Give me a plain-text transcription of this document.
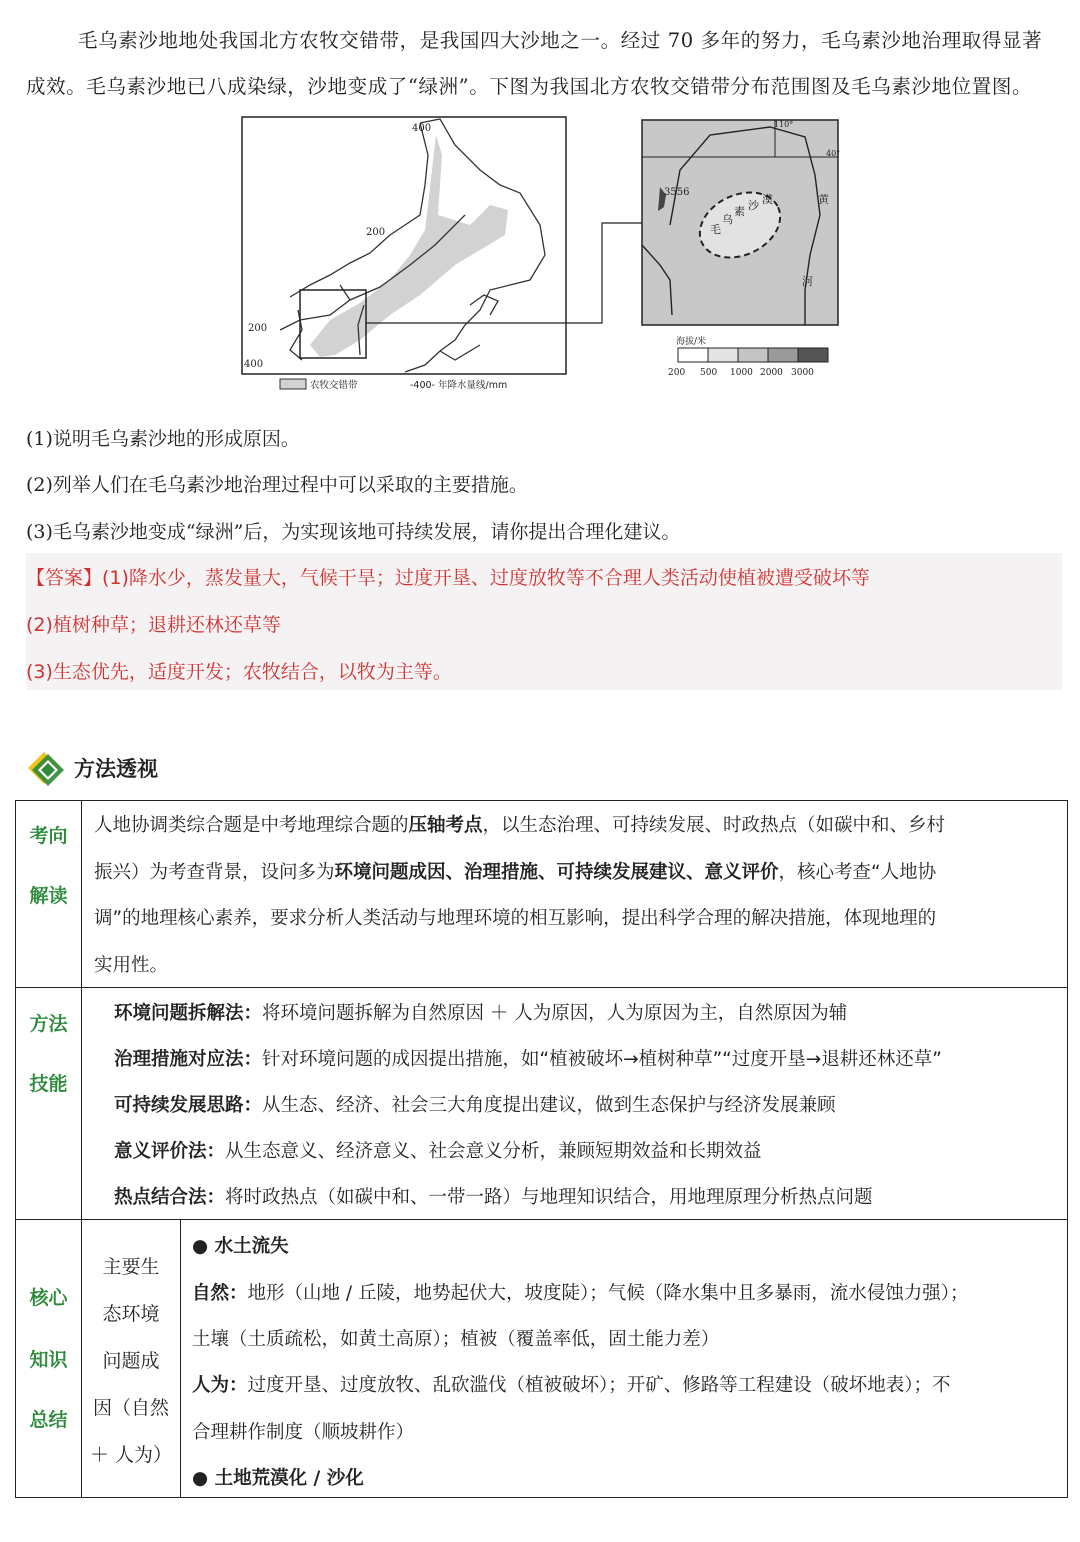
毛乌素沙地地处我国北方农牧交错带，是我国四大沙地之一。经过 70 多年的努力，毛乌素沙地治理取得显著

成效。毛乌素沙地已八成染绿，沙地变成了“绿洲”。下图为我国北方农牧交错带分布范围图及毛乌素沙地位置图。
400
200
200
400
农牧交错带	-400- 年降水量线/mm
110°
40°
3556
毛
乌
素 沙 漠	黄
河
海拔/米
200 500 1000 2000 3000
(1)说明毛乌素沙地的形成原因。
(2)列举人们在毛乌素沙地治理过程中可以采取的主要措施。
(3)毛乌素沙地变成“绿洲”后，为实现该地可持续发展，请你提出合理化建议。
【答案】(1)降水少，蒸发量大，气候干旱；过度开垦、过度放牧等不合理人类活动使植被遭受破坏等
(2)植树种草；退耕还林还草等
(3)生态优先，适度开发；农牧结合，以牧为主等。
方法透视
考向
解读
人地协调类综合题是中考地理综合题的压轴考点，以生态治理、可持续发展、时政热点（如碳中和、乡村
振兴）为考查背景，设问多为环境问题成因、治理措施、可持续发展建议、意义评价，核心考查“人地协
调”的地理核心素养，要求分析人类活动与地理环境的相互影响，提出科学合理的解决措施，体现地理的
实用性。
方法
技能
环境问题拆解法：将环境问题拆解为自然原因 ＋ 人为原因，人为原因为主，自然原因为辅
治理措施对应法：针对环境问题的成因提出措施，如“植被破坏→植树种草”“过度开垦→退耕还林还草”
可持续发展思路：从生态、经济、社会三大角度提出建议，做到生态保护与经济发展兼顾
意义评价法：从生态意义、经济意义、社会意义分析，兼顾短期效益和长期效益
热点结合法：将时政热点（如碳中和、一带一路）与地理知识结合，用地理原理分析热点问题
核心
知识
总结
主要生
态环境
问题成
因（自然
＋ 人为）
● 水土流失
自然：地形（山地 / 丘陵，地势起伏大，坡度陡）；气候（降水集中且多暴雨，流水侵蚀力强）；
土壤（土质疏松，如黄土高原）；植被（覆盖率低，固土能力差）
人为：过度开垦、过度放牧、乱砍滥伐（植被破坏）；开矿、修路等工程建设（破坏地表）；不
合理耕作制度（顺坡耕作）
● 土地荒漠化 / 沙化
